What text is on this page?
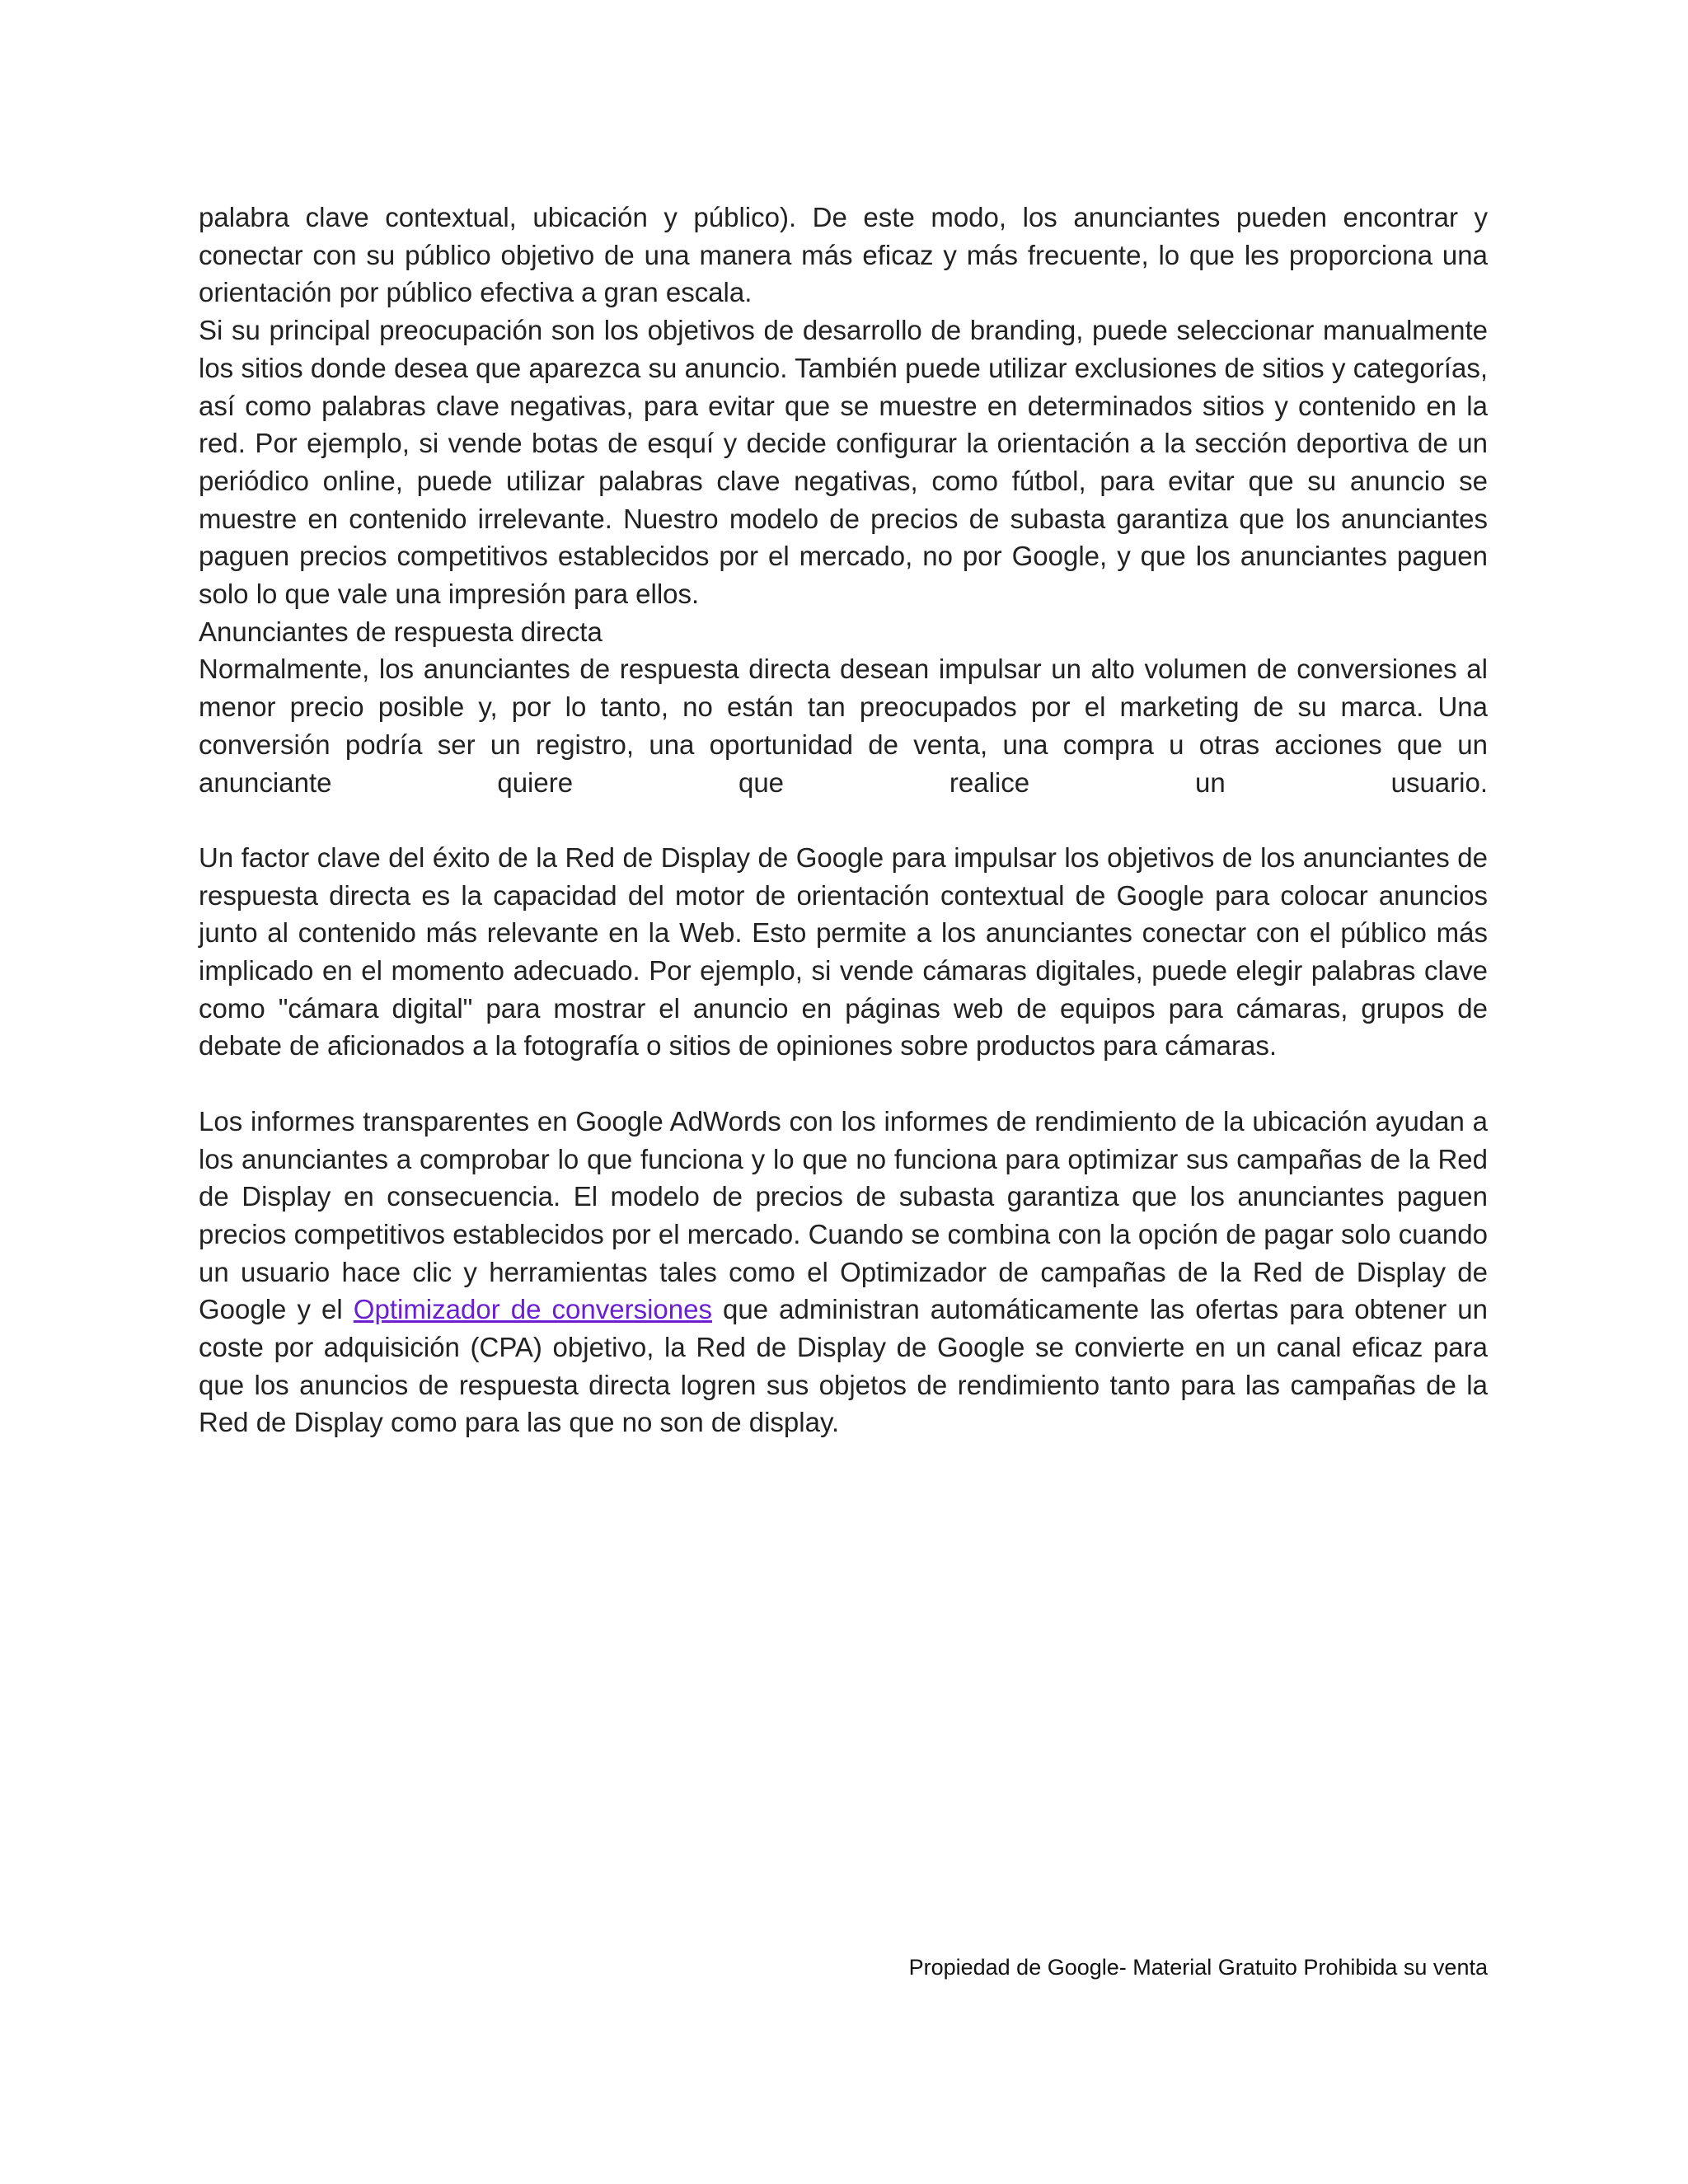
palabra clave contextual, ubicación y público). De este modo, los anunciantes pueden encontrar y conectar con su público objetivo de una manera más eficaz y más frecuente, lo que les proporciona una orientación por público efectiva a gran escala.

Si su principal preocupación son los objetivos de desarrollo de branding, puede seleccionar manualmente los sitios donde desea que aparezca su anuncio. También puede utilizar exclusiones de sitios y categorías, así como palabras clave negativas, para evitar que se muestre en determinados sitios y contenido en la red. Por ejemplo, si vende botas de esquí y decide configurar la orientación a la sección deportiva de un periódico online, puede utilizar palabras clave negativas, como fútbol, para evitar que su anuncio se muestre en contenido irrelevante. Nuestro modelo de precios de subasta garantiza que los anunciantes paguen precios competitivos establecidos por el mercado, no por Google, y que los anunciantes paguen solo lo que vale una impresión para ellos.

Anunciantes de respuesta directa

Normalmente, los anunciantes de respuesta directa desean impulsar un alto volumen de conversiones al menor precio posible y, por lo tanto, no están tan preocupados por el marketing de su marca. Una conversión podría ser un registro, una oportunidad de venta, una compra u otras acciones que un anunciante quiere que realice un usuario.

Un factor clave del éxito de la Red de Display de Google para impulsar los objetivos de los anunciantes de respuesta directa es la capacidad del motor de orientación contextual de Google para colocar anuncios junto al contenido más relevante en la Web. Esto permite a los anunciantes conectar con el público más implicado en el momento adecuado. Por ejemplo, si vende cámaras digitales, puede elegir palabras clave como "cámara digital" para mostrar el anuncio en páginas web de equipos para cámaras, grupos de debate de aficionados a la fotografía o sitios de opiniones sobre productos para cámaras.

Los informes transparentes en Google AdWords con los informes de rendimiento de la ubicación ayudan a los anunciantes a comprobar lo que funciona y lo que no funciona para optimizar sus campañas de la Red de Display en consecuencia. El modelo de precios de subasta garantiza que los anunciantes paguen precios competitivos establecidos por el mercado. Cuando se combina con la opción de pagar solo cuando un usuario hace clic y herramientas tales como el Optimizador de campañas de la Red de Display de Google y el Optimizador de conversiones que administran automáticamente las ofertas para obtener un coste por adquisición (CPA) objetivo, la Red de Display de Google se convierte en un canal eficaz para que los anuncios de respuesta directa logren sus objetos de rendimiento tanto para las campañas de la Red de Display como para las que no son de display.

Propiedad de Google- Material Gratuito Prohibida su venta
